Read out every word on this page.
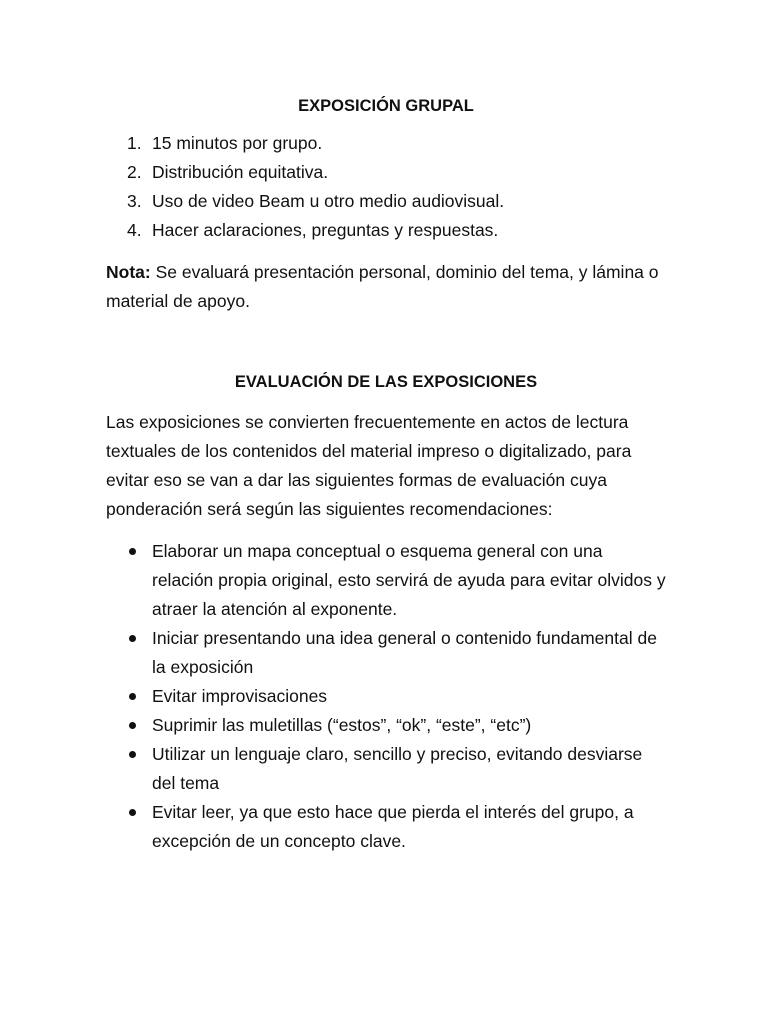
EXPOSICIÓN GRUPAL
1. 15 minutos por grupo.
2. Distribución equitativa.
3. Uso de video Beam u otro medio audiovisual.
4. Hacer aclaraciones, preguntas y respuestas.

Nota: Se evaluará presentación personal, dominio del tema, y lámina o material de apoyo.

EVALUACIÓN DE LAS EXPOSICIONES

Las exposiciones se convierten frecuentemente en actos de lectura textuales de los contenidos del material impreso o digitalizado, para evitar eso se van a dar las siguientes formas de evaluación cuya ponderación será según las siguientes recomendaciones:

Elaborar un mapa conceptual o esquema general con una relación propia original, esto servirá de ayuda para evitar olvidos y atraer la atención al exponente.
Iniciar presentando una idea general o contenido fundamental de la exposición
Evitar improvisaciones
Suprimir las muletillas (“estos”, “ok”, “este”, “etc”)
Utilizar un lenguaje claro, sencillo y preciso, evitando desviarse del tema
Evitar leer, ya que esto hace que pierda el interés del grupo, a excepción de un concepto clave.
